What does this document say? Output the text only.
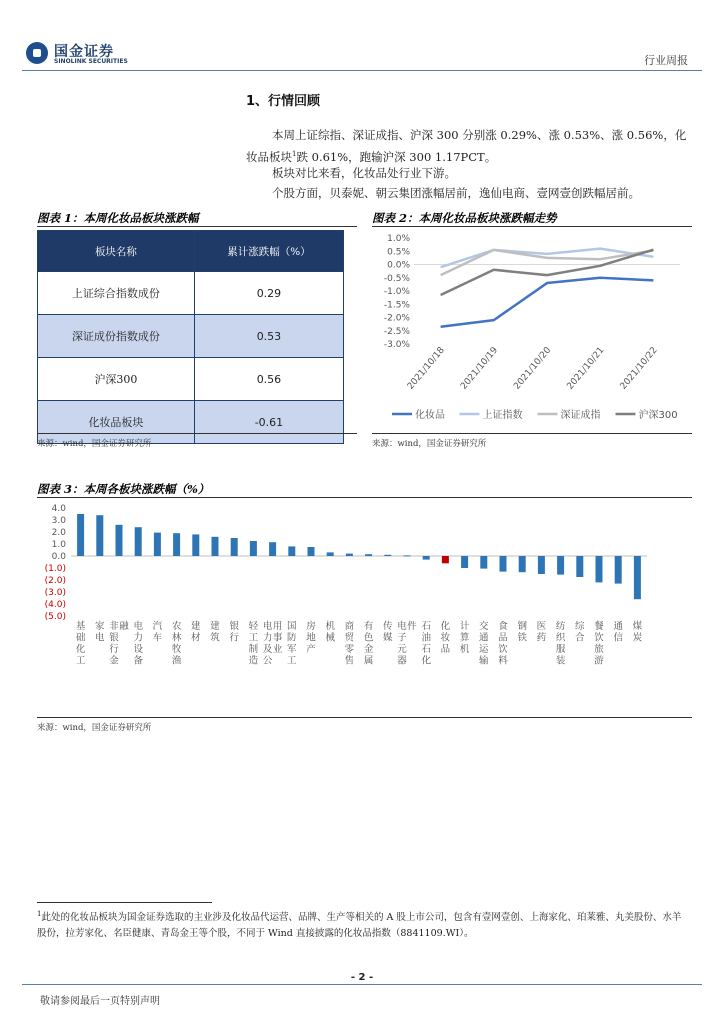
国金证券
SINOLINK SECURITIES	行业周报
1、行情回顾
本周上证综指、深证成指、沪深 300 分别涨 0.29%、涨 0.53%、涨 0.56%，化妆品板块$^1$跌 0.61%，跑输沪深 300 1.17PCT。
板块对比来看，化妆品处行业下游。
个股方面，贝泰妮、朝云集团涨幅居前，逸仙电商、壹网壹创跌幅居前。
图表 1：本周化妆品板块涨跌幅
板块名称	累计涨跌幅（%）
上证综合指数成份	0.29
深证成份指数成份	0.53
沪深300	0.56
化妆品板块	-0.61
来源：wind，国金证券研究所
图表 2：本周化妆品板块涨跌幅走势
1.0%
0.5%
0.0%
-0.5%
-1.0%
-1.5%
-2.0%
-2.5%
-3.0%
2021/10/18 2021/10/19 2021/10/20 2021/10/21 2021/10/22
化妆品	上证指数	深证成指	沪深300
来源：wind，国金证券研究所
图表 3：本周各板块涨跌幅（%）
4.0
3.0
2.0
1.0
0.0
(1.0)
(2.0)
(3.0)
(4.0)
(5.0)
基础化工
家电
非银行金融 电力设备
汽车
农林牧渔
建材
建筑
银行
轻工制造
电力及公用事业
国防军工
房地产
机械
商贸零售
有色金属
传媒
电子元器件 石油石化
化妆品
计算机
交通运输
食品饮料
钢铁
医药
纺织服装
综合
餐饮旅游
通信
煤炭
来源：wind，国金证券研究所
$^1$此处的化妆品板块为国金证券选取的主业涉及化妆品代运营、品牌、生产等相关的 A 股上市公司，包含有壹网壹创、上海家化、珀莱雅、丸美股份、水羊股份，拉芳家化、名臣健康、青岛金王等个股，不同于 Wind 直接披露的化妆品指数（8841109.WI）。
- 2 -
敬请参阅最后一页特别声明
